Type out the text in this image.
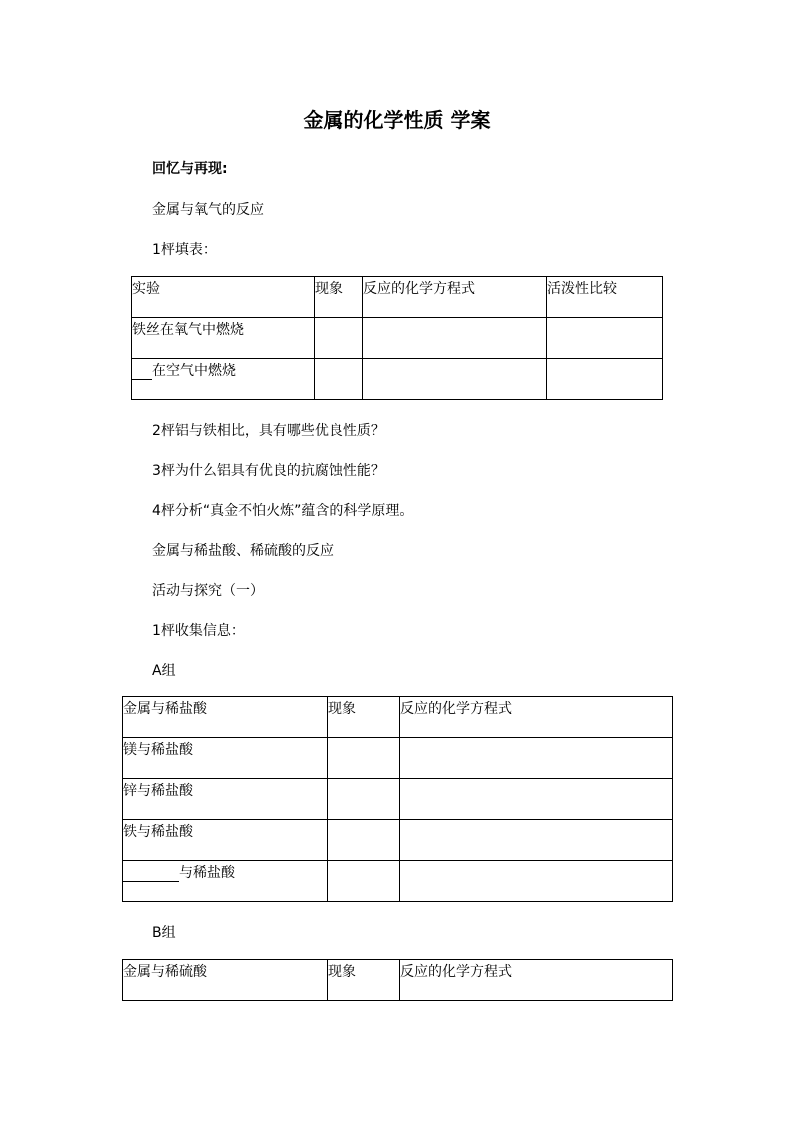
金属的化学性质 学案
回忆与再现:
金属与氧气的反应
1枰填表：
实验	现象	反应的化学方程式	活泼性比较
铁丝在氧气中燃烧			
在空气中燃烧			
2枰铝与铁相比，具有哪些优良性质？
3枰为什么铝具有优良的抗腐蚀性能？
4枰分析“真金不怕火炼”蕴含的科学原理。
金属与稀盐酸、稀硫酸的反应
活动与探究（一）
1枰收集信息：
A组
金属与稀盐酸	现象	反应的化学方程式
镁与稀盐酸		
锌与稀盐酸		
铁与稀盐酸		
与稀盐酸		
B组
金属与稀硫酸	现象	反应的化学方程式
